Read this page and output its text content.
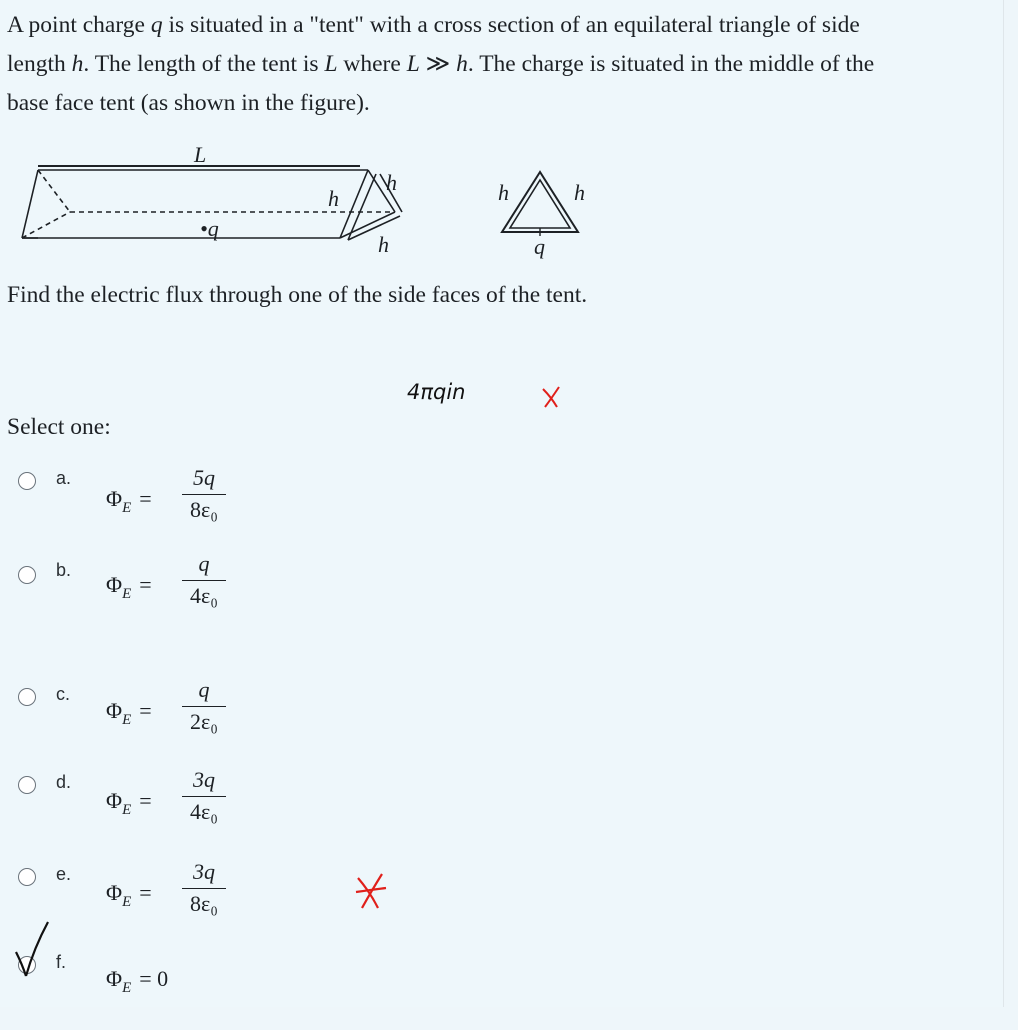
A point charge q is situated in a "tent" with a cross section of an equilateral triangle of side
length h. The length of the tent is L where L ≫ h. The charge is situated in the middle of the
base face tent (as shown in the figure).
L
•q
h
h
h
h	h
q
Find the electric flux through one of the side faces of the tent.
4πqin
Select one:
a.
$\Phi_E$ =
5q
8ε₀
b.
$\Phi_E$ =
q
4ε₀
c.
$\Phi_E$ =
q
2ε₀
d.
$\Phi_E$ =
3q
4ε₀
e.
$\Phi_E$ =
3q
8ε₀
f.
$\Phi_E = 0$
